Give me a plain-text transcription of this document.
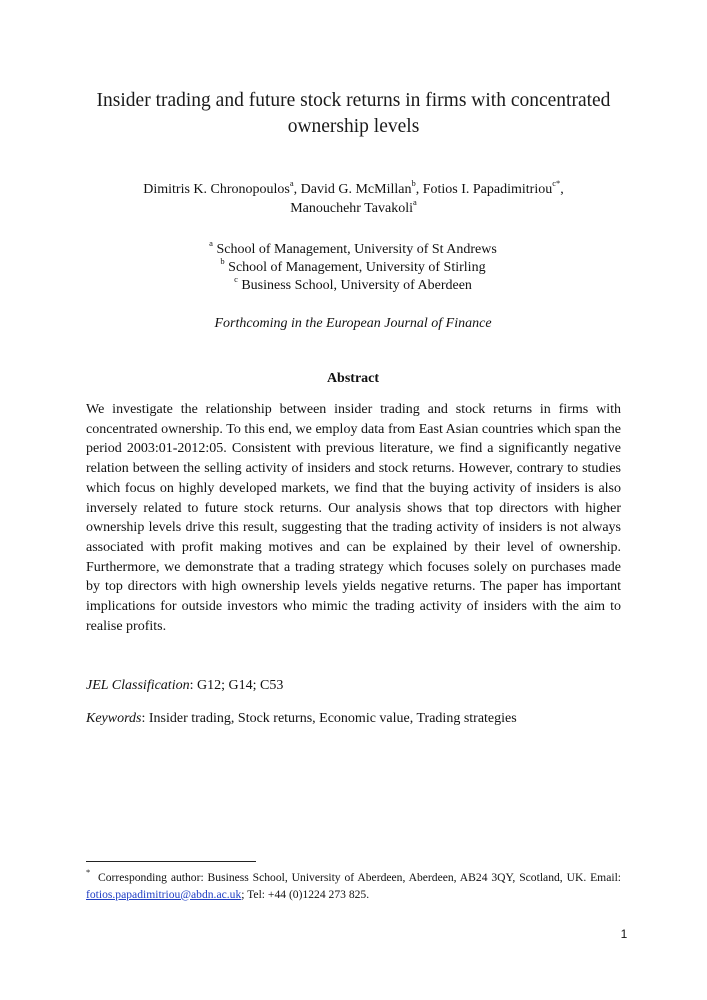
Insider trading and future stock returns in firms with concentrated ownership levels
Dimitris K. Chronopoulos$^a$, David G. McMillan$^b$, Fotios I. Papadimitriou$^{c*}$,
Manouchehr Tavakoli$^a$
$^a$ School of Management, University of St Andrews
$^b$ School of Management, University of Stirling
$^c$ Business School, University of Aberdeen
Forthcoming in the European Journal of Finance
Abstract

We investigate the relationship between insider trading and stock returns in firms with concentrated ownership. To this end, we employ data from East Asian countries which span the period 2003:01-2012:05. Consistent with previous literature, we find a significantly negative relation between the selling activity of insiders and stock returns. However, contrary to studies which focus on highly developed markets, we find that the buying activity of insiders is also inversely related to future stock returns. Our analysis shows that top directors with higher ownership levels drive this result, suggesting that the trading activity of insiders is not always associated with profit making motives and can be explained by their level of ownership. Furthermore, we demonstrate that a trading strategy which focuses solely on purchases made by top directors with high ownership levels yields negative returns. The paper has important implications for outside investors who mimic the trading activity of insiders with the aim to realise profits.

JEL Classification: G12; G14; C53
Keywords: Insider trading, Stock returns, Economic value, Trading strategies
* Corresponding author: Business School, University of Aberdeen, Aberdeen, AB24 3QY, Scotland, UK. Email: fotios.papadimitriou@abdn.ac.uk; Tel: +44 (0)1224 273 825.
1
